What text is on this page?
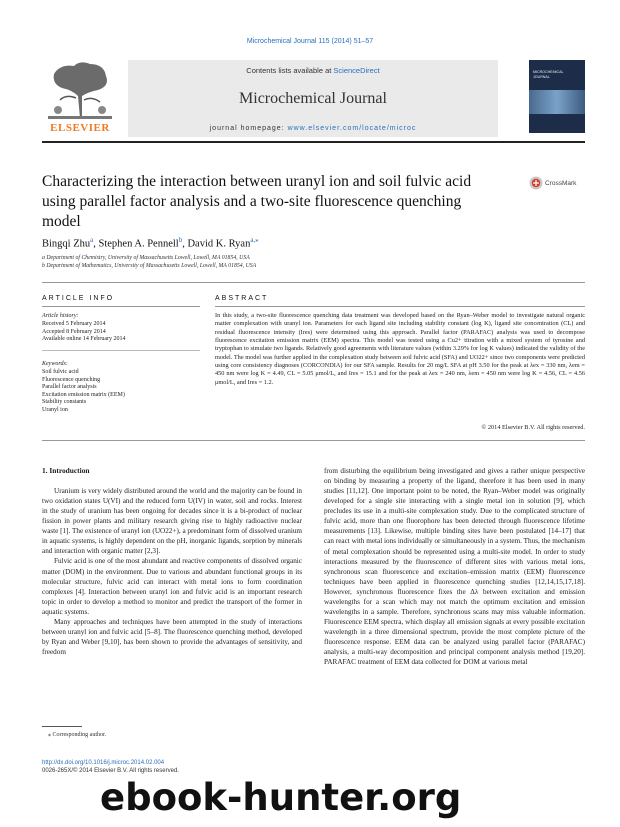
Microchemical Journal 115 (2014) 51–57
ELSEVIER
Contents lists available at ScienceDirect
Microchemical Journal
journal homepage: www.elsevier.com/locate/microc
MICROCHEMICAL JOURNAL
Characterizing the interaction between uranyl ion and soil fulvic acid using parallel factor analysis and a two-site fluorescence quenching model
CrossMark
Bingqi Zhu$^a$, Stephen A. Pennell$^b$, David K. Ryan$^{a,⁎}$
a Department of Chemistry, University of Massachusetts Lowell, Lowell, MA 01854, USA
b Department of Mathematics, University of Massachusetts Lowell, Lowell, MA 01854, USA
ARTICLE INFO
Article history:
Received 5 February 2014
Accepted 8 February 2014
Available online 14 February 2014
Keywords:
Soil fulvic acid
Fluorescence quenching
Parallel factor analysis
Excitation emission matrix (EEM)
Stability constants
Uranyl ion
ABSTRACT
In this study, a two-site fluorescence quenching data treatment was developed based on the Ryan–Weber model to investigate natural organic matter complexation with uranyl ion. Parameters for each ligand site including stability constant (log K), ligand site concentration (CL) and residual fluorescence intensity (Ires) were determined using this approach. Parallel factor (PARAFAC) analysis was used to decompose fluorescence excitation emission matrix (EEM) spectra. This model was tested using a Cu2+ titration with a mixed system of tyrosine and tryptophan to simulate two ligands. Relatively good agreements with literature values (within 3.29% for log K values) indicated the validity of the model. The model was further applied in the complexation study between soil fulvic acid (SFA) and UO22+ since two components were predicted using core consistency diagnoses (CORCONDIA) for our SFA sample. Results for 20 mg/L SFA at pH 3.50 for the peak at λex = 330 nm, λem = 450 nm were log K = 4.49, CL = 5.05 μmol/L, and Ires = 15.1 and for the peak at λex = 240 nm, λem = 450 nm were log K = 4.56, CL = 4.56 μmol/L, and Ires = 1.2.
© 2014 Elsevier B.V. All rights reserved.
1. Introduction

Uranium is very widely distributed around the world and the majority can be found in two oxidation states U(VI) and the reduced form U(IV) in water, soil and rocks. Interest in the study of uranium has been ongoing for decades since it is a bi-product of nuclear fission in power plants and military research giving rise to highly radioactive nuclear waste [1]. The existence of uranyl ion (UO22+), a predominant form of dissolved uranium in aquatic systems, is highly dependent on the pH, inorganic ligands, sorption by minerals and interaction with organic matter [2,3].

Fulvic acid is one of the most abundant and reactive components of dissolved organic matter (DOM) in the environment. Due to various and abundant functional groups in its molecular structure, fulvic acid can interact with metal ions to form coordination complexes [4]. Interaction between uranyl ion and fulvic acid is an important research topic in order to develop a method to monitor and predict the transport of the former in aquatic systems.

Many approaches and techniques have been attempted in the study of interactions between uranyl ion and fulvic acid [5–8]. The fluorescence quenching method, developed by Ryan and Weber [9,10], has been shown to provide the advantages of sensitivity, and freedom

from disturbing the equilibrium being investigated and gives a rather unique perspective on binding by measuring a property of the ligand, therefore it has been used in many studies [11,12]. One important point to be noted, the Ryan–Weber model was originally developed for a single site interacting with a single metal ion in solution [9], which precludes its use in a multi-site complexation study. Due to the complicated structure of fulvic acid, more than one fluorophore has been detected through fluorescence lifetime measurements [13]. Likewise, multiple binding sites have been postulated [14–17] that can react with metal ions individually or simultaneously in a system. Thus, the mechanism of metal complexation should be represented using a multi-site model. In order to study interactions measured by the fluorescence of different sites with various metal ions, synchronous scan fluorescence and excitation–emission matrix (EEM) fluorescence techniques have been applied in fluorescence quenching studies [12,14,15,17,18]. However, synchronous fluorescence fixes the Δλ between excitation and emission wavelengths for a scan which may not match the optimum excitation and emission wavelengths in a sample. Therefore, synchronous scans may miss valuable information. Fluorescence EEM spectra, which display all emission signals at every possible excitation wavelength in a three dimensional spectrum, provide the most complete picture of the fluorescence response. EEM data can be analyzed using parallel factor (PARAFAC) analysis, a multi-way decomposition and principal component analysis method [19,20]. PARAFAC treatment of EEM data collected for DOM at various metal

⁎ Corresponding author.
http://dx.doi.org/10.1016/j.microc.2014.02.004
0026-265X/© 2014 Elsevier B.V. All rights reserved.
ebook-hunter.org
